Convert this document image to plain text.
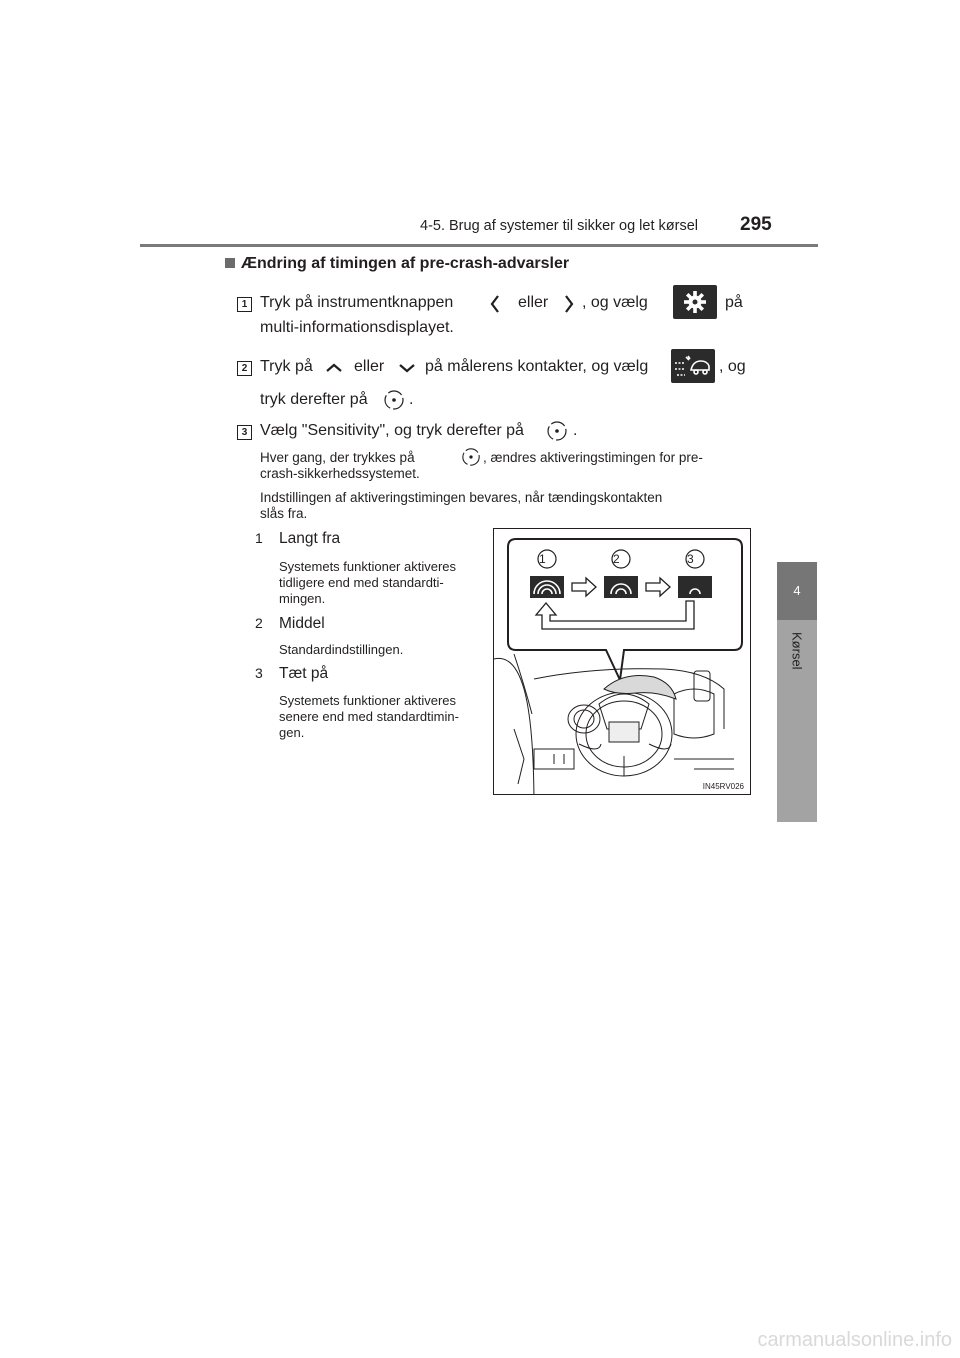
4-5. Brug af systemer til sikker og let kørsel 295
4
Kørsel
Ændring af timingen af pre-crash-advarsler
1 Tryk på instrumentknappen	eller , og vælg	på
multi-informationsdisplayet.
2 Tryk på	eller	på målerens kontakter, og vælg	, og
tryk derefter på	.
3 Vælg "Sensitivity", og tryk derefter på	.
Hver gang, der trykkes på	, ændres aktiveringstimingen for pre-
crash-sikkerhedssystemet.
Indstillingen af aktiveringstimingen bevares, når tændingskontakten
slås fra.
1 Langt fra
Systemets funktioner aktiveres
tidligere end med standardti-
mingen.
2 Middel
Standardindstillingen.
3 Tæt på
Systemets funktioner aktiveres
senere end med standardtimin-
gen.
1	2	3
IN45RV026
carmanualsonline.info
